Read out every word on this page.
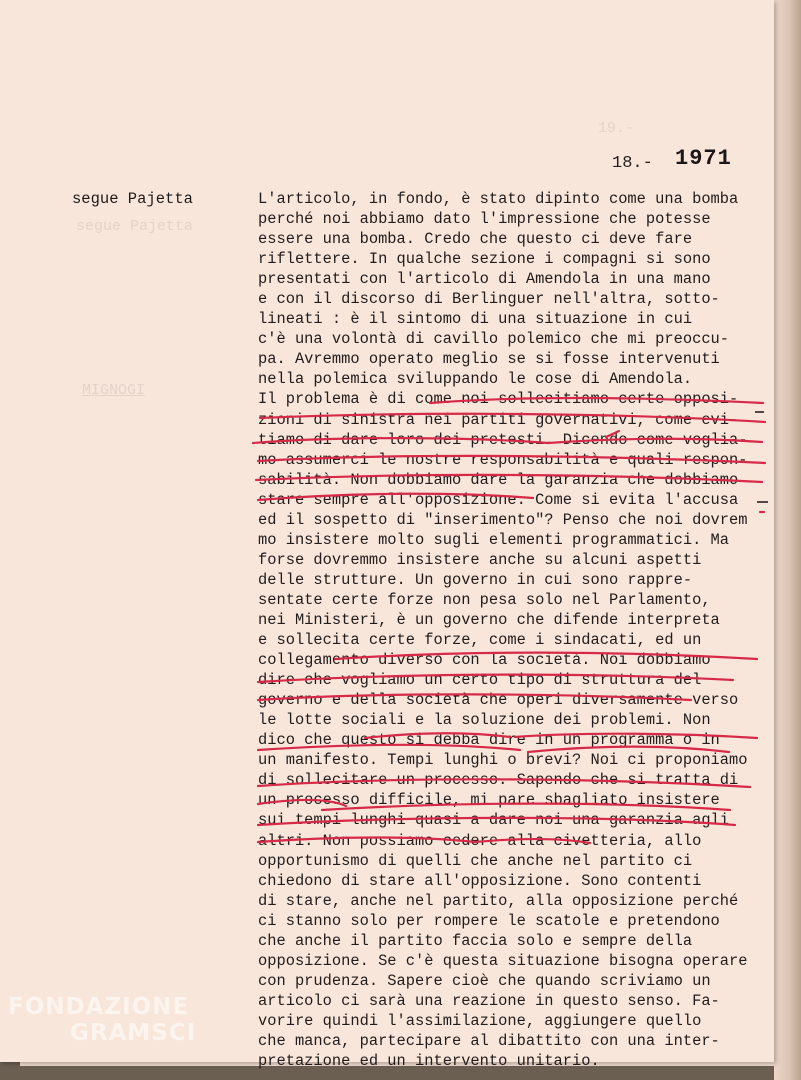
19.-
segue Pajetta
MIGNOGI
18.- 1971
segue Pajetta	L'articolo, in fondo, è stato dipinto come una bomba
perché noi abbiamo dato l'impressione che potesse
essere una bomba. Credo che questo ci deve fare
riflettere. In qualche sezione i compagni si sono
presentati con l'articolo di Amendola in una mano
e con il discorso di Berlinguer nell'altra, sotto-
lineati : è il sintomo di una situazione in cui
c'è una volontà di cavillo polemico che mi preoccu-
pa. Avremmo operato meglio se si fosse intervenuti
nella polemica sviluppando le cose di Amendola.
Il problema è di come noi sollecitiamo certe opposi-
zioni di sinistra nei partiti governativi, come evi-
tiamo di dare loro dei pretesti. Dicendo come voglia-
mo assumerci le nostre responsabilità e quali respon-
sabilità. Non dobbiamo dare la garanzia che dobbiamo
stare sempre all'opposizione. Come si evita l'accusa
ed il sospetto di "inserimento"? Penso che noi dovrem
mo insistere molto sugli elementi programmatici. Ma
forse dovremmo insistere anche su alcuni aspetti
delle strutture. Un governo in cui sono rappre-
sentate certe forze non pesa solo nel Parlamento,
nei Ministeri, è un governo che difende interpreta
e sollecita certe forze, come i sindacati, ed un
collegamento diverso con la società. Noi dobbiamo
dire che vogliamo un certo tipo di struttura del
governo e della società che operi diversamente verso
le lotte sociali e la soluzione dei problemi. Non
dico che questo si debba dire in un programma o in
un manifesto. Tempi lunghi o brevi? Noi ci proponiamo
di sollecitare un processo. Sapendo che si tratta di
un processo difficile, mi pare sbagliato insistere
sui tempi lunghi quasi a dare noi una garanzia agli
altri. Non possiamo cedere alla civetteria, allo
opportunismo di quelli che anche nel partito ci
chiedono di stare all'opposizione. Sono contenti
di stare, anche nel partito, alla opposizione perché
ci stanno solo per rompere le scatole e pretendono
che anche il partito faccia solo e sempre della
opposizione. Se c'è questa situazione bisogna operare
con prudenza. Sapere cioè che quando scriviamo un
articolo ci sarà una reazione in questo senso. Fa-
vorire quindi l'assimilazione, aggiungere quello
che manca, partecipare al dibattito con una inter-
pretazione ed un intervento unitario.
FONDAZIONE
GRAMSCI
